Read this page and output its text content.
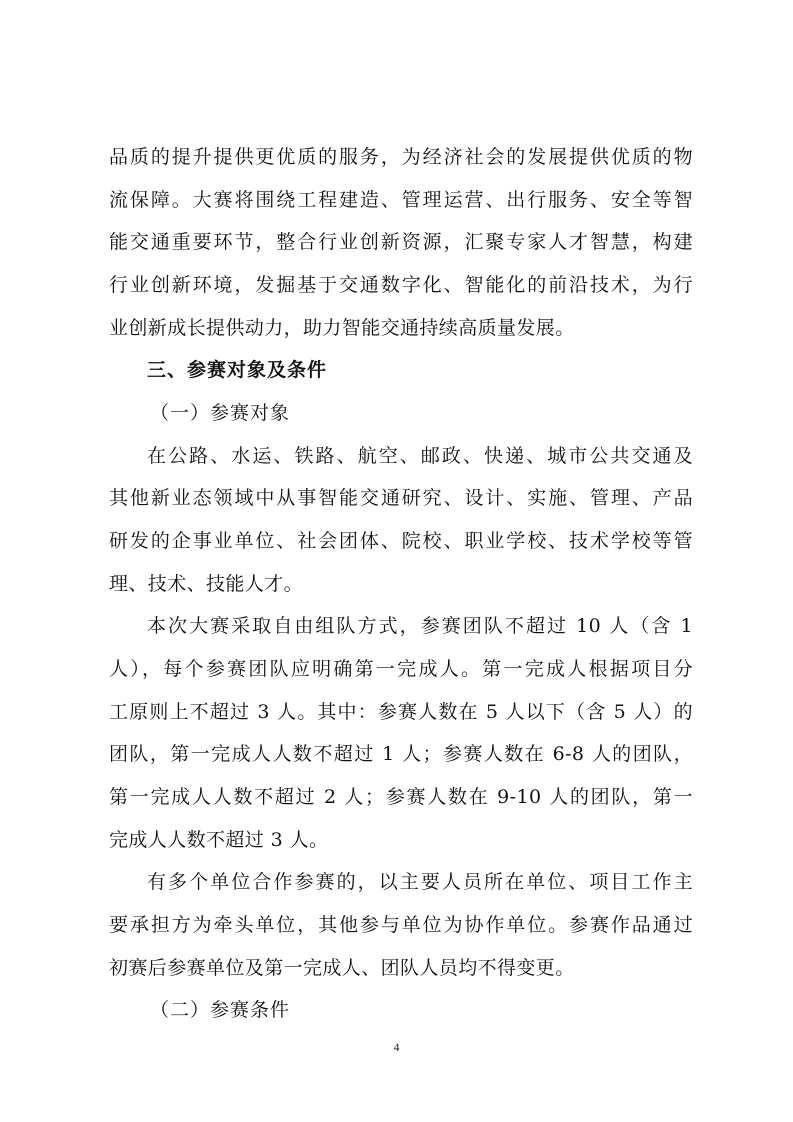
品质的提升提供更优质的服务，为经济社会的发展提供优质的物
流保障。大赛将围绕工程建造、管理运营、出行服务、安全等智
能交通重要环节，整合行业创新资源，汇聚专家人才智慧，构建
行业创新环境，发掘基于交通数字化、智能化的前沿技术，为行
业创新成长提供动力，助力智能交通持续高质量发展。
三、参赛对象及条件
（一）参赛对象
在公路、水运、铁路、航空、邮政、快递、城市公共交通及
其他新业态领域中从事智能交通研究、设计、实施、管理、产品
研发的企事业单位、社会团体、院校、职业学校、技术学校等管
理、技术、技能人才。
本次大赛采取自由组队方式，参赛团队不超过 10 人（含 1
人），每个参赛团队应明确第一完成人。第一完成人根据项目分
工原则上不超过 3 人。其中：参赛人数在 5 人以下（含 5 人）的
团队，第一完成人人数不超过 1 人；参赛人数在 6-8 人的团队，
第一完成人人数不超过 2 人；参赛人数在 9-10 人的团队，第一
完成人人数不超过 3 人。
有多个单位合作参赛的，以主要人员所在单位、项目工作主
要承担方为牵头单位，其他参与单位为协作单位。参赛作品通过
初赛后参赛单位及第一完成人、团队人员均不得变更。
4
（二）参赛条件
